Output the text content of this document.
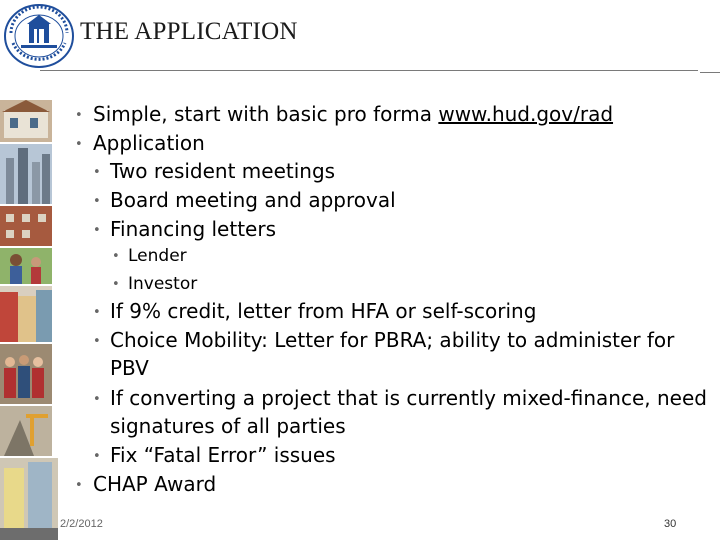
THE APPLICATION
• Simple, start with basic pro forma www.hud.gov/rad
• Application
• Two resident meetings
• Board meeting and approval
• Financing letters
• Lender
• Investor
• If 9% credit, letter from HFA or self-scoring
• Choice Mobility: Letter for PBRA; ability to administer for
PBV
• If converting a project that is currently mixed-finance, need
signatures of all parties
• Fix “Fatal Error” issues
• CHAP Award
2/2/2012	30
